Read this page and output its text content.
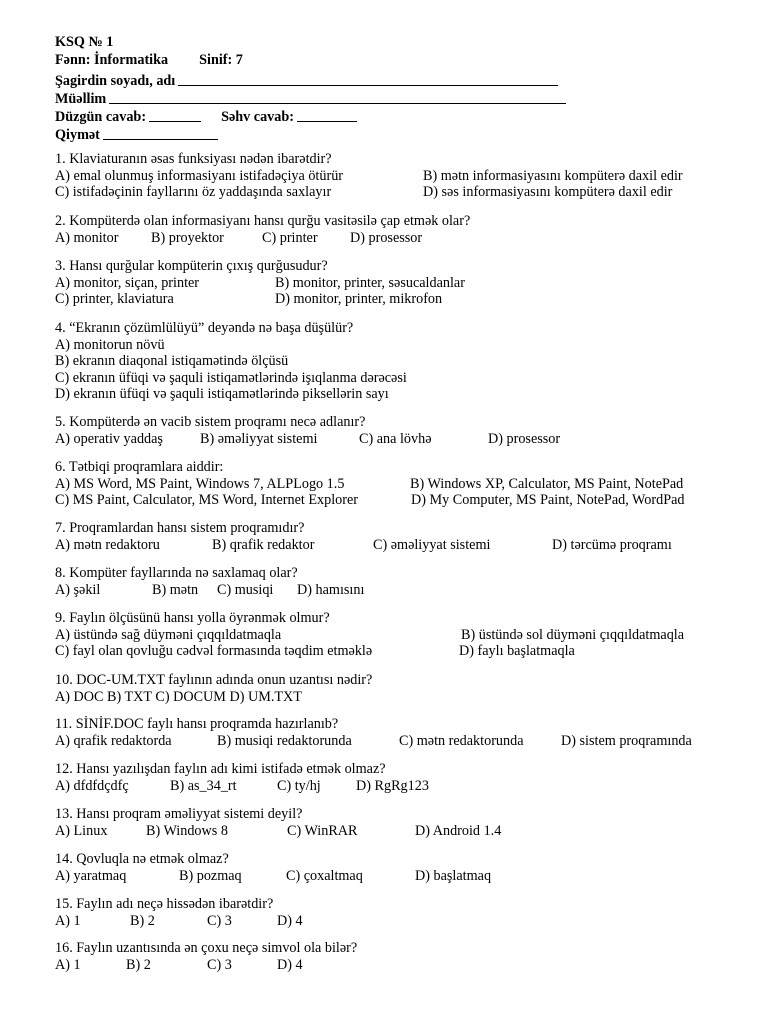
KSQ № 1
Fənn: İnformatika Sinif: 7
Şagirdin soyadı, adı
Müəllim
Düzgün cavab:	Səhv cavab:
Qiymət
1. Klaviaturanın əsas funksiyası nədən ibarətdir?
A) emal olunmuş informasiyanı istifadəçiya ötürür	B) mətn informasiyasını kompüterə daxil edir
C) istifadəçinin fayllarını öz yaddaşında saxlayır	D) səs informasiyasını kompüterə daxil edir
2. Kompüterdə olan informasiyanı hansı qurğu vasitəsilə çap etmək olar?
A) monitor B) proyektor	C) printer D) prosessor
3. Hansı qurğular kompüterin çıxış qurğusudur?
A) monitor, siçan, printer	B) monitor, printer, səsucaldanlar
C) printer, klaviatura	D) monitor, printer, mikrofon
4. “Ekranın çözümlülüyü” deyəndə nə başa düşülür?
A) monitorun növü
B) ekranın diaqonal istiqamətində ölçüsü
C) ekranın üfüqi və şaquli istiqamətlərində işıqlanma dərəcəsi
D) ekranın üfüqi və şaquli istiqamətlərində piksellərin sayı
5. Kompüterdə ən vacib sistem proqramı necə adlanır?
A) operativ yaddaş	B) əməliyyat sistemi	C) ana lövhə	D) prosessor
6. Tətbiqi proqramlara aiddir:
A) MS Word, MS Paint, Windows 7, ALPLogo 1.5	B) Windows XP, Calculator, MS Paint, NotePad
C) MS Paint, Calculator, MS Word, Internet Explorer	D) My Computer, MS Paint, NotePad, WordPad
7. Proqramlardan hansı sistem proqramıdır?
A) mətn redaktoru	B) qrafik redaktor	C) əməliyyat sistemi	D) tərcümə proqramı
8. Kompüter fayllarında nə saxlamaq olar?
A) şəkil	B) mətn C) musiqi D) hamısını
9. Faylın ölçüsünü hansı yolla öyrənmək olmur?
A) üstündə sağ düyməni çıqqıldatmaqla	B) üstündə sol düyməni çıqqıldatmaqla
C) fayl olan qovluğu cədvəl formasında təqdim etməklə	D) faylı başlatmaqla
10. DOC-UM.TXT faylının adında onun uzantısı nədir?
A) DOC B) TXT C) DOCUM D) UM.TXT
11. SİNİF.DOC faylı hansı proqramda hazırlanıb?
A) qrafik redaktorda	B) musiqi redaktorunda	C) mətn redaktorunda	D) sistem proqramında
12. Hansı yazılışdan faylın adı kimi istifadə etmək olmaz?
A) dfdfdçdfç	B) as_34_rt	C) ty/hj D) RgRg123
13. Hansı proqram əməliyyat sistemi deyil?
A) Linux	B) Windows 8	C) WinRAR	D) Android 1.4
14. Qovluqla nə etmək olmaz?
A) yaratmaq	B) pozmaq	C) çoxaltmaq	D) başlatmaq
15. Faylın adı neçə hissədən ibarətdir?
A) 1	B) 2	C) 3	D) 4
16. Faylın uzantısında ən çoxu neçə simvol ola bilər?
A) 1	B) 2	C) 3	D) 4
